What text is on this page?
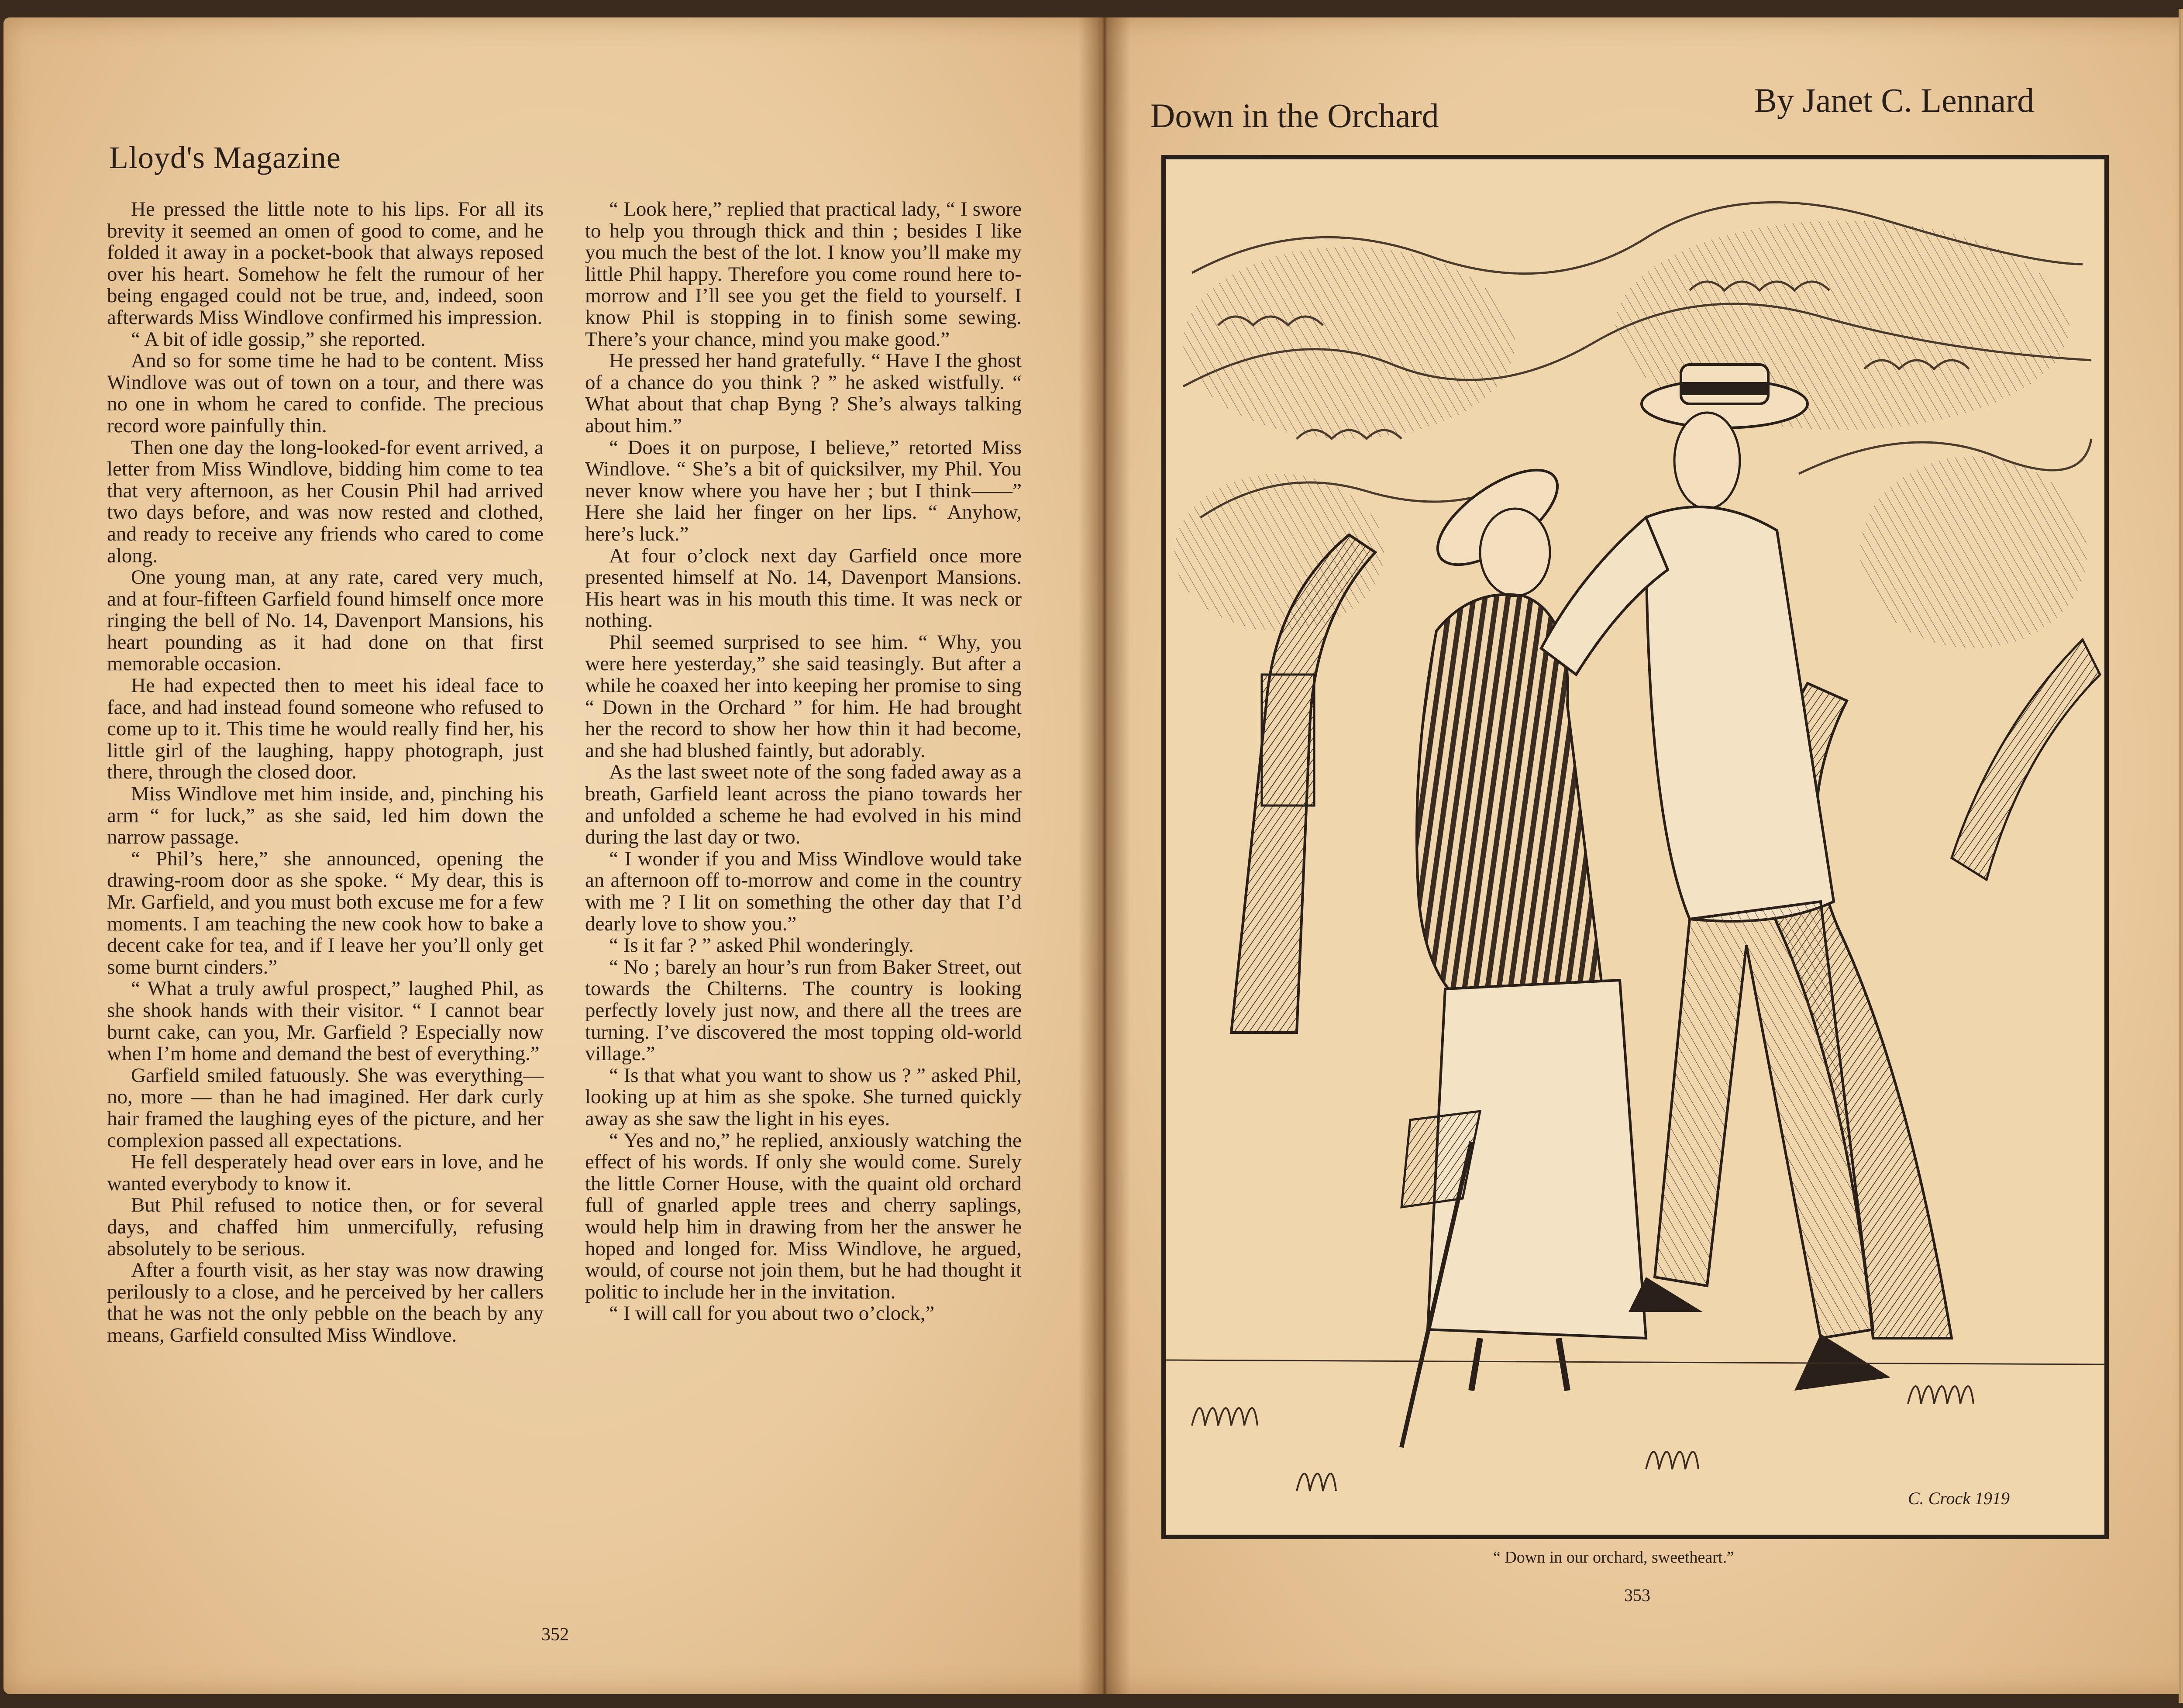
Lloyd's Magazine

He pressed the little note to his lips. For all its brevity it seemed an omen of good to come, and he folded it away in a pocket-book that always reposed over his heart. Somehow he felt the rumour of her being engaged could not be true, and, indeed, soon afterwards Miss Windlove confirmed his impression.

“ A bit of idle gossip,” she reported.

And so for some time he had to be content. Miss Windlove was out of town on a tour, and there was no one in whom he cared to confide. The precious record wore painfully thin.

Then one day the long-looked-for event arrived, a letter from Miss Windlove, bidding him come to tea that very afternoon, as her Cousin Phil had arrived two days before, and was now rested and clothed, and ready to receive any friends who cared to come along.

One young man, at any rate, cared very much, and at four-fifteen Garfield found himself once more ringing the bell of No. 14, Davenport Mansions, his heart pounding as it had done on that first memorable occasion.

He had expected then to meet his ideal face to face, and had instead found someone who refused to come up to it. This time he would really find her, his little girl of the laughing, happy photograph, just there, through the closed door.

Miss Windlove met him inside, and, pinching his arm “ for luck,” as she said, led him down the narrow passage.

“ Phil’s here,” she announced, opening the drawing-room door as she spoke. “ My dear, this is Mr. Garfield, and you must both excuse me for a few moments. I am teaching the new cook how to bake a decent cake for tea, and if I leave her you’ll only get some burnt cinders.”

“ What a truly awful prospect,” laughed Phil, as she shook hands with their visitor. “ I cannot bear burnt cake, can you, Mr. Garfield ? Especially now when I’m home and demand the best of everything.”

Garfield smiled fatuously. She was everything—no, more — than he had imagined. Her dark curly hair framed the laughing eyes of the picture, and her complexion passed all expectations.

He fell desperately head over ears in love, and he wanted everybody to know it.

But Phil refused to notice then, or for several days, and chaffed him unmercifully, refusing absolutely to be serious.

After a fourth visit, as her stay was now drawing perilously to a close, and he perceived by her callers that he was not the only pebble on the beach by any means, Garfield consulted Miss Windlove.

“ Look here,” replied that practical lady, “ I swore to help you through thick and thin ; besides I like you much the best of the lot. I know you’ll make my little Phil happy. Therefore you come round here to-morrow and I’ll see you get the field to yourself. I know Phil is stopping in to finish some sewing. There’s your chance, mind you make good.”

He pressed her hand gratefully. “ Have I the ghost of a chance do you think ? ” he asked wistfully. “ What about that chap Byng ? She’s always talking about him.”

“ Does it on purpose, I believe,” retorted Miss Windlove. “ She’s a bit of quicksilver, my Phil. You never know where you have her ; but I think——” Here she laid her finger on her lips. “ Anyhow, here’s luck.”

At four o’clock next day Garfield once more presented himself at No. 14, Davenport Mansions. His heart was in his mouth this time. It was neck or nothing.

Phil seemed surprised to see him. “ Why, you were here yesterday,” she said teasingly. But after a while he coaxed her into keeping her promise to sing “ Down in the Orchard ” for him. He had brought her the record to show her how thin it had become, and she had blushed faintly, but adorably.

As the last sweet note of the song faded away as a breath, Garfield leant across the piano towards her and unfolded a scheme he had evolved in his mind during the last day or two.

“ I wonder if you and Miss Windlove would take an afternoon off to-morrow and come in the country with me ? I lit on something the other day that I’d dearly love to show you.”

“ Is it far ? ” asked Phil wonderingly.

“ No ; barely an hour’s run from Baker Street, out towards the Chilterns. The country is looking perfectly lovely just now, and there all the trees are turning. I’ve discovered the most topping old-world village.”

“ Is that what you want to show us ? ” asked Phil, looking up at him as she spoke. She turned quickly away as she saw the light in his eyes.

“ Yes and no,” he replied, anxiously watching the effect of his words. If only she would come. Surely the little Corner House, with the quaint old orchard full of gnarled apple trees and cherry saplings, would help him in drawing from her the answer he hoped and longed for. Miss Windlove, he argued, would, of course not join them, but he had thought it politic to include her in the invitation.

“ I will call for you about two o’clock,”

352
Down in the Orchard	By Janet C. Lennard
C. Crock 1919
“ Down in our orchard, sweetheart.”
353
